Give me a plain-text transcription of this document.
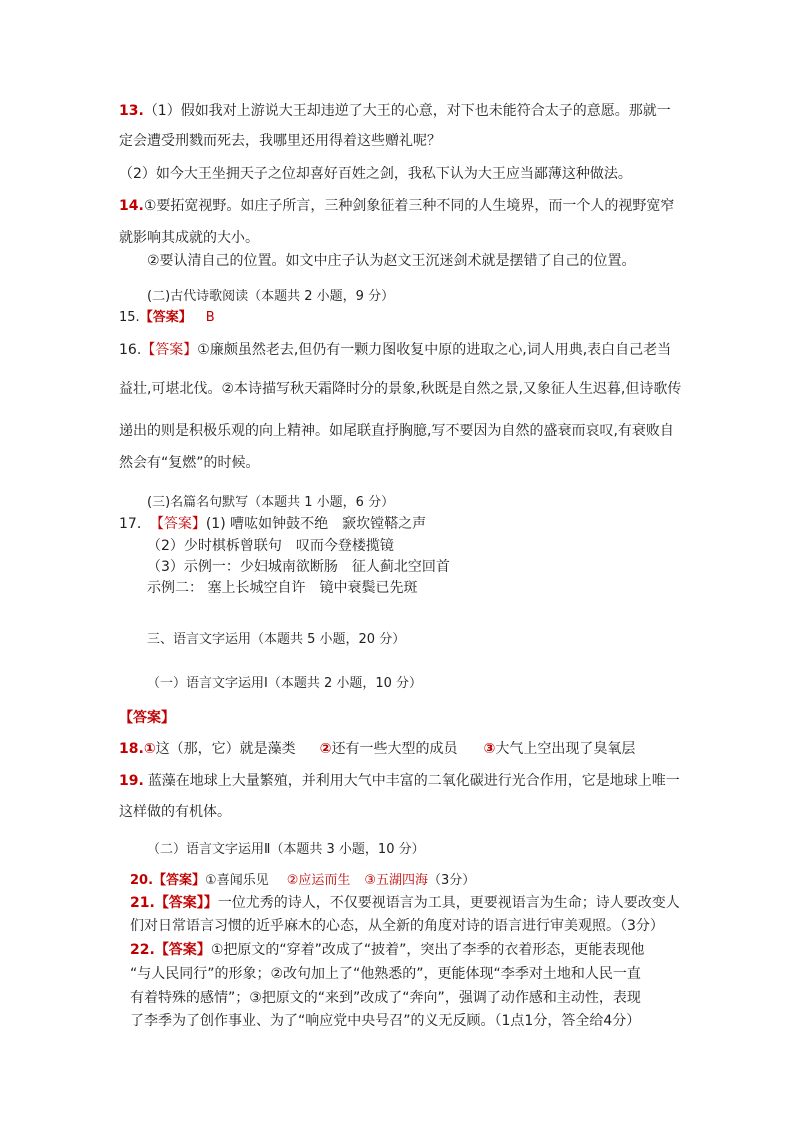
13.（1）假如我对上游说大王却违逆了大王的心意，对下也未能符合太子的意愿。那就一
定会遭受刑戮而死去，我哪里还用得着这些赠礼呢？
（2）如今大王坐拥天子之位却喜好百姓之剑，我私下认为大王应当鄙薄这种做法。
14.①要拓宽视野。如庄子所言，三种剑象征着三种不同的人生境界，而一个人的视野宽窄
就影响其成就的大小。
②要认清自己的位置。如文中庄子认为赵文王沉迷剑术就是摆错了自己的位置。
(二)古代诗歌阅读（本题共 2 小题，9 分）
15.【答案】 B
16.【答案】①廉颇虽然老去,但仍有一颗力图收复中原的进取之心,词人用典,表白自己老当
益壮,可堪北伐。②本诗描写秋天霜降时分的景象,秋既是自然之景,又象征人生迟暮,但诗歌传
递出的则是积极乐观的向上精神。如尾联直抒胸臆,写不要因为自然的盛衰而哀叹,有衰败自
然会有“复燃”的时候。
(三)名篇名句默写（本题共 1 小题，6 分）
17． 【答案】(1) 嘈吰如钟鼓不绝　窾坎镗鞳之声
（2）少时棋柝曾联句　叹而今登楼揽镜
（3）示例一：少妇城南欲断肠　征人蓟北空回首
示例二： 塞上长城空自许　镜中衰鬓已先斑
三、语言文字运用（本题共 5 小题，20 分）
（一）语言文字运用Ⅰ（本题共 2 小题，10 分）
【答案】
18.①这（那，它）就是藻类 ②还有一些大型的成员 ③大气上空出现了臭氧层
19. 蓝藻在地球上大量繁殖，并利用大气中丰富的二氧化碳进行光合作用，它是地球上唯一
这样做的有机体。
（二）语言文字运用Ⅱ（本题共 3 小题，10 分）
20.【答案】①喜闻乐见 ②应运而生 ③五湖四海（3分）
21.【答案】】一位尤秀的诗人，不仅要视语言为工具，更要视语言为生命；诗人要改变人
们对日常语言习惯的近乎麻木的心态，从全新的角度对诗的语言进行审美观照。（3分）
22.【答案】①把原文的“穿着”改成了“披着”，突出了李季的衣着形态，更能表现他
“与人民同行”的形象；②改句加上了“他熟悉的”，更能体现“李季对土地和人民一直
有着特殊的感情”；③把原文的“来到”改成了“奔向”，强调了动作感和主动性，表现
了李季为了创作事业、为了“响应党中央号召”的义无反顾。（1点1分，答全给4分）
